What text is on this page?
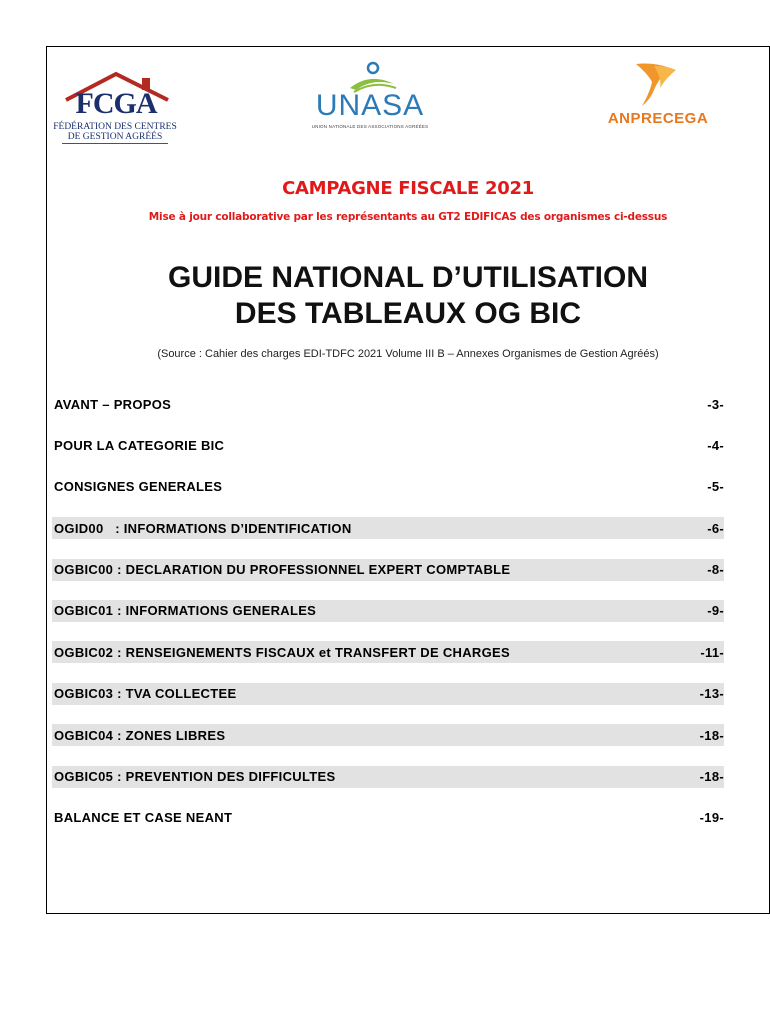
FCGA
FÉDÉRATION DES CENTRES
DE GESTION AGRÉÉS
UNASA
UNION NATIONALE DES ASSOCIATIONS AGRÉÉES	ANPRECEGA
CAMPAGNE FISCALE 2021
Mise à jour collaborative par les représentants au GT2 EDIFICAS des organismes ci-dessus
GUIDE NATIONAL D’UTILISATION
DES TABLEAUX OG BIC
(Source : Cahier des charges EDI-TDFC 2021 Volume III B – Annexes Organismes de Gestion Agréés)
AVANT – PROPOS	-3-
POUR LA CATEGORIE BIC	-4-
CONSIGNES GENERALES	-5-
OGID00   : INFORMATIONS D’IDENTIFICATION	-6-
OGBIC00 : DECLARATION DU PROFESSIONNEL EXPERT COMPTABLE	-8-
OGBIC01 : INFORMATIONS GENERALES	-9-
OGBIC02 : RENSEIGNEMENTS FISCAUX et TRANSFERT DE CHARGES	-11-
OGBIC03 : TVA COLLECTEE	-13-
OGBIC04 : ZONES LIBRES	-18-
OGBIC05 : PREVENTION DES DIFFICULTES	-18-
BALANCE ET CASE NEANT	-19-
